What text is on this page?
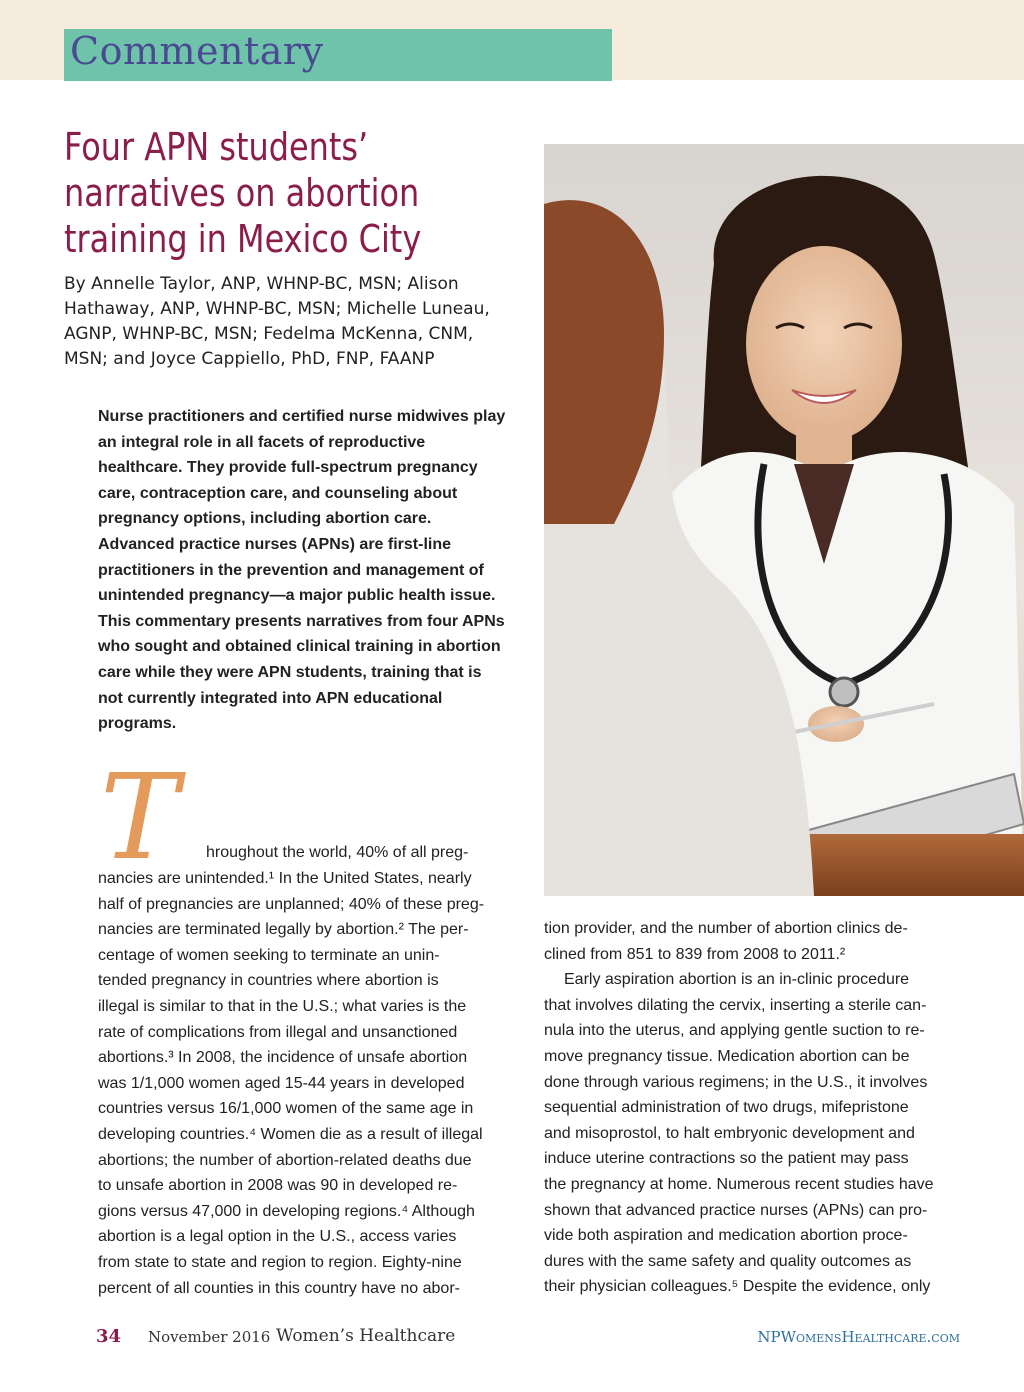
Commentary
Four APN students’ narratives on abortion training in Mexico City

By Annelle Taylor, ANP, WHNP-BC, MSN; Alison Hathaway, ANP, WHNP-BC, MSN; Michelle Luneau, AGNP, WHNP-BC, MSN; Fedelma McKenna, CNM, MSN; and Joyce Cappiello, PhD, FNP, FAANP

Nurse practitioners and certified nurse midwives play an integral role in all facets of reproductive healthcare. They provide full-spectrum pregnancy care, contraception care, and counseling about pregnancy options, including abortion care. Advanced practice nurses (APNs) are first-line practitioners in the prevention and management of unintended pregnancy—a major public health issue. This commentary presents narratives from four APNs who sought and obtained clinical training in abortion care while they were APN students, training that is not currently integrated into APN educational programs.

T	hroughout the world, 40% of all preg-

nancies are unintended.¹ In the United States, nearly
half of pregnancies are unplanned; 40% of these preg-
nancies are terminated legally by abortion.² The per-
centage of women seeking to terminate an unin-
tended pregnancy in countries where abortion is
illegal is similar to that in the U.S.; what varies is the
rate of complications from illegal and unsanctioned
abortions.³ In 2008, the incidence of unsafe abortion
was 1/1,000 women aged 15-44 years in developed
countries versus 16/1,000 women of the same age in
developing countries.⁴ Women die as a result of illegal
abortions; the number of abortion-related deaths due
to unsafe abortion in 2008 was 90 in developed re-
gions versus 47,000 in developing regions.⁴ Although
abortion is a legal option in the U.S., access varies
from state to state and region to region. Eighty-nine
percent of all counties in this country have no abor-
tion provider, and the number of abortion clinics de-
clined from 851 to 839 from 2008 to 2011.²
Early aspiration abortion is an in-clinic procedure
that involves dilating the cervix, inserting a sterile can-
nula into the uterus, and applying gentle suction to re-
move pregnancy tissue. Medication abortion can be
done through various regimens; in the U.S., it involves
sequential administration of two drugs, mifepristone
and misoprostol, to halt embryonic development and
induce uterine contractions so the patient may pass
the pregnancy at home. Numerous recent studies have
shown that advanced practice nurses (APNs) can pro-
vide both aspiration and medication abortion proce-
dures with the same safety and quality outcomes as
their physician colleagues.⁵ Despite the evidence, only
34 November 2016 Women’s Healthcare	NPWomensHealthcare.com
